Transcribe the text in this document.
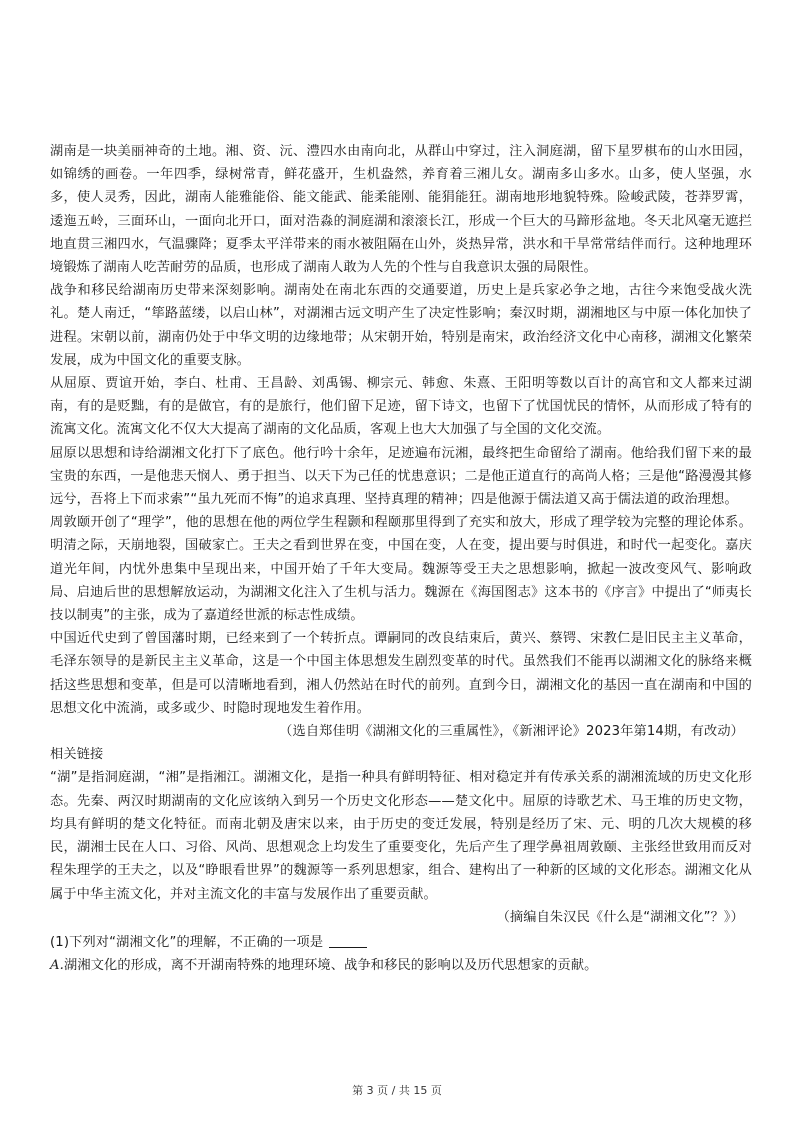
湖南是一块美丽神奇的土地。湘、资、沅、澧四水由南向北，从群山中穿过，注入洞庭湖，留下星罗棋布的山水田园，如锦绣的画卷。一年四季，绿树常青，鲜花盛开，生机盎然，养育着三湘儿女。湖南多山多水。山多，使人坚强，水多，使人灵秀，因此，湖南人能雅能俗、能文能武、能柔能刚、能狷能狂。湖南地形地貌特殊。险峻武陵，苍莽罗霄，逶迤五岭，三面环山，一面向北开口，面对浩淼的洞庭湖和滚滚长江，形成一个巨大的马蹄形盆地。冬天北风毫无遮拦地直贯三湘四水，气温骤降；夏季太平洋带来的雨水被阻隔在山外，炎热异常，洪水和干旱常常结伴而行。这种地理环境锻炼了湖南人吃苦耐劳的品质，也形成了湖南人敢为人先的个性与自我意识太强的局限性。

战争和移民给湖南历史带来深刻影响。湖南处在南北东西的交通要道，历史上是兵家必争之地，古往今来饱受战火洗礼。楚人南迁，“筚路蓝缕，以启山林”，对湖湘古远文明产生了决定性影响；秦汉时期，湖湘地区与中原一体化加快了进程。宋朝以前，湖南仍处于中华文明的边缘地带；从宋朝开始，特别是南宋，政治经济文化中心南移，湖湘文化繁荣发展，成为中国文化的重要支脉。

从屈原、贾谊开始，李白、杜甫、王昌龄、刘禹锡、柳宗元、韩愈、朱熹、王阳明等数以百计的高官和文人都来过湖南，有的是贬黜，有的是做官，有的是旅行，他们留下足迹，留下诗文，也留下了忧国忧民的情怀，从而形成了特有的流寓文化。流寓文化不仅大大提高了湖南的文化品质，客观上也大大加强了与全国的文化交流。

屈原以思想和诗给湖湘文化打下了底色。他行吟十余年，足迹遍布沅湘，最终把生命留给了湖南。他给我们留下来的最宝贵的东西，一是他悲天悯人、勇于担当、以天下为己任的忧患意识；二是他正道直行的高尚人格；三是他“路漫漫其修远兮，吾将上下而求索”“虽九死而不悔”的追求真理、坚持真理的精神；四是他源于儒法道又高于儒法道的政治理想。

周敦颐开创了“理学”，他的思想在他的两位学生程颢和程颐那里得到了充实和放大，形成了理学较为完整的理论体系。明清之际，天崩地裂，国破家亡。王夫之看到世界在变，中国在变，人在变，提出要与时俱进，和时代一起变化。嘉庆道光年间，内忧外患集中呈现出来，中国开始了千年大变局。魏源等受王夫之思想影响，掀起一波改变风气、影响政局、启迪后世的思想解放运动，为湖湘文化注入了生机与活力。魏源在《海国图志》这本书的《序言》中提出了“师夷长技以制夷”的主张，成为了嘉道经世派的标志性成绩。

中国近代史到了曾国藩时期，已经来到了一个转折点。谭嗣同的改良结束后，黄兴、蔡锷、宋教仁是旧民主主义革命，毛泽东领导的是新民主主义革命，这是一个中国主体思想发生剧烈变革的时代。虽然我们不能再以湖湘文化的脉络来概括这些思想和变革，但是可以清晰地看到，湘人仍然站在时代的前列。直到今日，湖湘文化的基因一直在湖南和中国的思想文化中流淌，或多或少、时隐时现地发生着作用。

（选自郑佳明《湖湘文化的三重属性》，《新湘评论》2023年第14期，有改动）

相关链接

“湖”是指洞庭湖，“湘”是指湘江。湖湘文化，是指一种具有鲜明特征、相对稳定并有传承关系的湖湘流域的历史文化形态。先秦、两汉时期湖南的文化应该纳入到另一个历史文化形态——楚文化中。屈原的诗歌艺术、马王堆的历史文物，均具有鲜明的楚文化特征。而南北朝及唐宋以来，由于历史的变迁发展，特别是经历了宋、元、明的几次大规模的移民，湖湘士民在人口、习俗、风尚、思想观念上均发生了重要变化，先后产生了理学鼻祖周敦颐、主张经世致用而反对程朱理学的王夫之，以及“睁眼看世界”的魏源等一系列思想家，组合、建构出了一种新的区域的文化形态。湖湘文化从属于中华主流文化，并对主流文化的丰富与发展作出了重要贡献。

（摘编自朱汉民《什么是“湖湘文化”？》）

(1)下列对“湖湘文化”的理解，不正确的一项是

A.湖湘文化的形成，离不开湖南特殊的地理环境、战争和移民的影响以及历代思想家的贡献。

第 3 页 / 共 15 页
